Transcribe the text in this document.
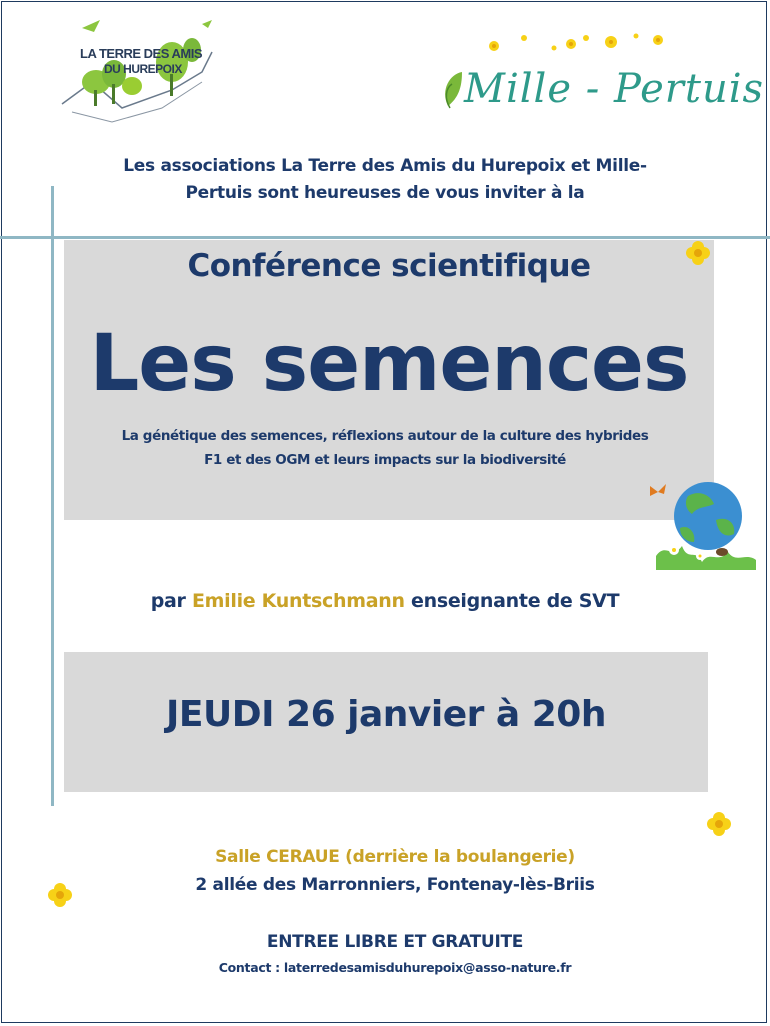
LA TERRE DES AMIS
DU HUREPOIX	Mille - Pertuis
Les associations La Terre des Amis du Hurepoix et Mille-
Pertuis sont heureuses de vous inviter à la
Conférence scientifique
Les semences
La génétique des semences, réflexions autour de la culture des hybrides
F1 et des OGM et leurs impacts sur la biodiversité
par Emilie Kuntschmann enseignante de SVT
JEUDI 26 janvier à 20h
Salle CERAUE (derrière la boulangerie)
2 allée des Marronniers, Fontenay-lès-Briis
ENTREE LIBRE ET GRATUITE
Contact : laterredesamisduhurepoix@asso-nature.fr
